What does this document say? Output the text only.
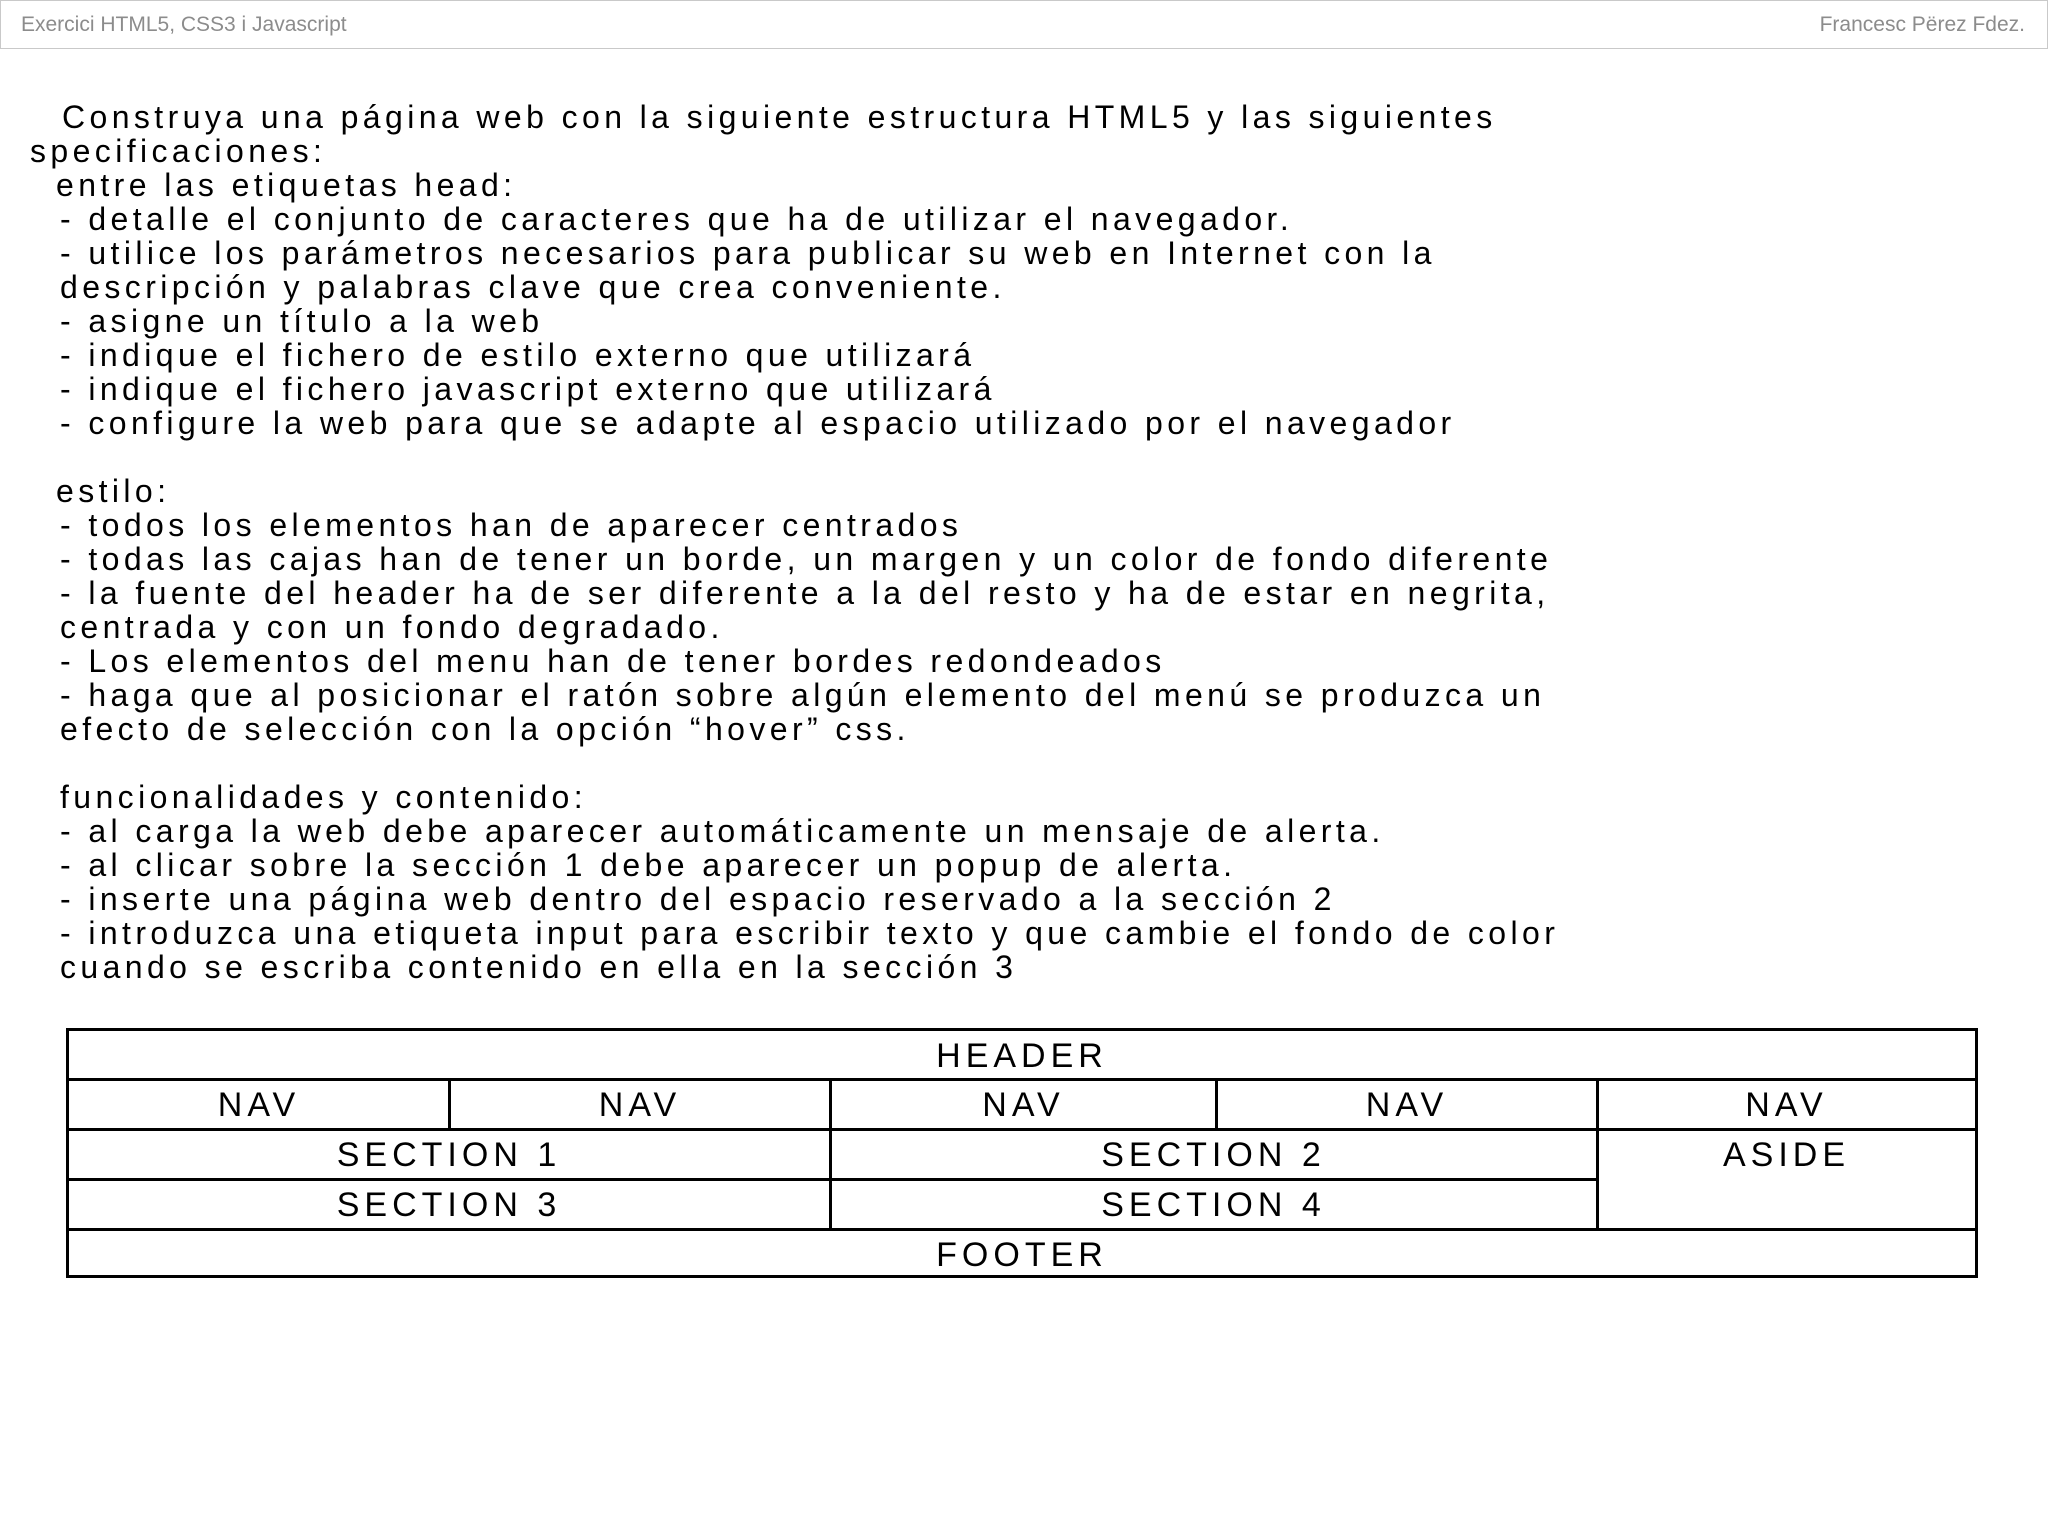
Exercici HTML5, CSS3 i Javascript	Francesc Përez Fdez.
Construya una página web con la siguiente estructura HTML5 y las siguientes
specificaciones:
entre las etiquetas head:
- detalle el conjunto de caracteres que ha de utilizar el navegador.
- utilice los parámetros necesarios para publicar su web en Internet con la
descripción y palabras clave que crea conveniente.
- asigne un título a la web
- indique el fichero de estilo externo que utilizará
- indique el fichero javascript externo que utilizará
- configure la web para que se adapte al espacio utilizado por el navegador
estilo:
- todos los elementos han de aparecer centrados
- todas las cajas han de tener un borde, un margen y un color de fondo diferente
- la fuente del header ha de ser diferente a la del resto y ha de estar en negrita,
centrada y con un fondo degradado.
- Los elementos del menu han de tener bordes redondeados
- haga que al posicionar el ratón sobre algún elemento del menú se produzca un
efecto de selección con la opción “hover” css.
funcionalidades y contenido:
- al carga la web debe aparecer automáticamente un mensaje de alerta.
- al clicar sobre la sección 1 debe aparecer un popup de alerta.
- inserte una página web dentro del espacio reservado a la sección 2
- introduzca una etiqueta input para escribir texto y que cambie el fondo de color
cuando se escriba contenido en ella en la sección 3
HEADER
NAV	NAV	NAV	NAV	NAV
SECTION 1	SECTION 2	ASIDE
SECTION 3	SECTION 4
FOOTER
